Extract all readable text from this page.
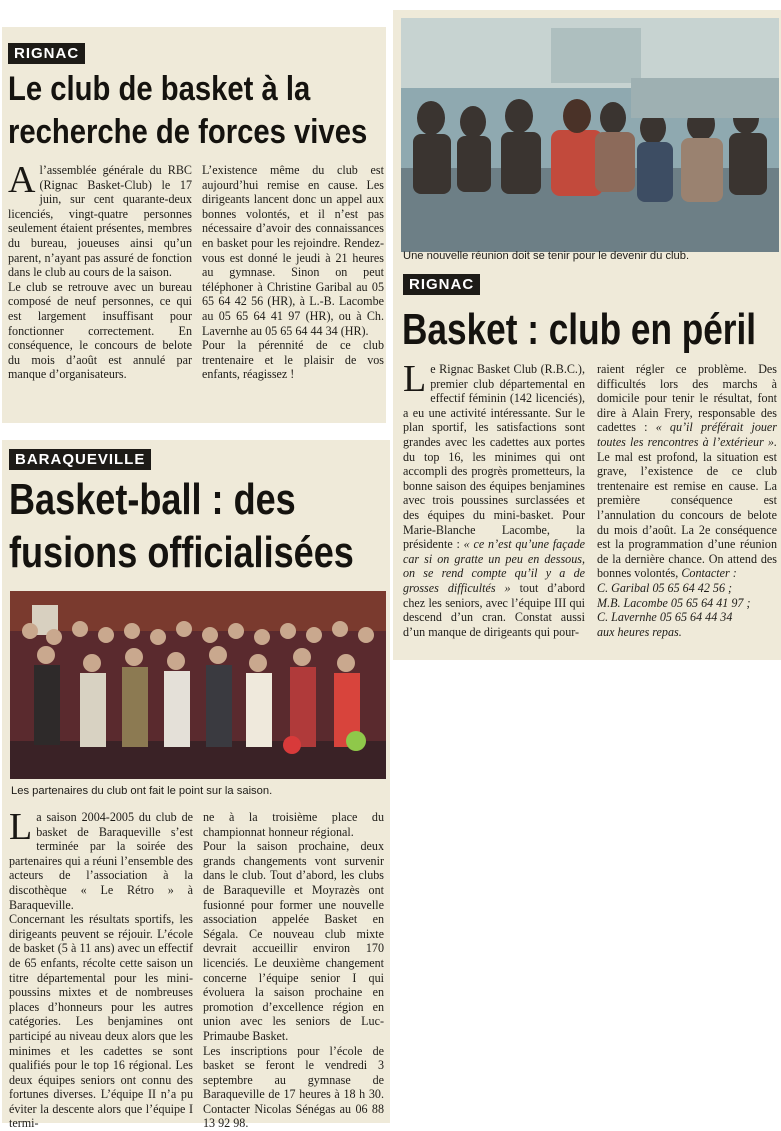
RIGNAC
Le club de basket à la
recherche de forces vives

Al’assemblée générale du RBC (Rignac Basket-Club) le 17 juin, sur cent quarante-deux licenciés, vingt-quatre personnes seulement étaient présentes, membres du bureau, joueuses ainsi qu’un parent, n’ayant pas assuré de fonction dans le club au cours de la saison.

Le club se retrouve avec un bureau composé de neuf personnes, ce qui est largement insuffisant pour fonctionner correctement. En conséquence, le concours de belote du mois d’août est annulé par manque d’organisateurs.

L’existence même du club est aujourd’hui remise en cause. Les dirigeants lancent donc un appel aux bonnes volontés, et il n’est pas nécessaire d’avoir des connaissances en basket pour les rejoindre. Rendez-vous est donné le jeudi à 21 heures au gymnase. Sinon on peut téléphoner à Christine Garibal au 05 65 64 42 56 (HR), à L.-B. Lacombe au 05 65 64 41 97 (HR), ou à Ch. Lavernhe au 05 65 64 44 34 (HR).

Pour la pérennité de ce club trentenaire et le plaisir de vos enfants, réagissez !

Une nouvelle réunion doit se tenir pour le devenir du club.
RIGNAC
Basket : club en péril
Le Rignac Basket Club (R.B.C.), premier club départemental en effectif féminin (142 licenciés), a eu une activité intéressante. Sur le plan sportif, les satisfactions sont grandes avec les cadettes aux portes du top 16, les minimes qui ont accompli des progrès prometteurs, la bonne saison des équipes benjamines avec trois poussines surclassées et des équipes du mini-basket. Pour Marie-Blanche Lacombe, la présidente : « ce n’est qu’une façade car si on gratte un peu en dessous, on se rend compte qu’il y a de grosses difficultés » tout d’abord chez les seniors, avec l’équipe III qui descend d’un cran. Constat aussi d’un manque de dirigeants qui pour-
raient régler ce problème. Des difficultés lors des marchs à domicile pour tenir le résultat, font dire à Alain Frery, responsable des cadettes : « qu’il préférait jouer toutes les rencontres à l’extérieur ». Le mal est profond, la situation est grave, l’existence de ce club trentenaire est remise en cause. La première conséquence est l’annulation du concours de belote du mois d’août. La 2e conséquence est la programmation d’une réunion de la dernière chance. On attend des bonnes volontés, Contacter :
C. Garibal 05 65 64 42 56 ;
M.B. Lacombe 05 65 64 41 97 ;
C. Lavernhe 05 65 64 44 34
aux heures repas.
BARAQUEVILLE
Basket-ball : des
fusions officialisées
Les partenaires du club ont fait le point sur la saison.

La saison 2004-2005 du club de basket de Baraqueville s’est terminée par la soirée des partenaires qui a réuni l’ensemble des acteurs de l’association à la discothèque « Le Rétro » à Baraqueville.

Concernant les résultats sportifs, les dirigeants peuvent se réjouir. L’école de basket (5 à 11 ans) avec un effectif de 65 enfants, récolte cette saison un titre départemental pour les mini-poussins mixtes et de nombreuses places d’honneurs pour les autres catégories. Les benjamines ont participé au niveau deux alors que les minimes et les cadettes se sont qualifiés pour le top 16 régional. Les deux équipes seniors ont connu des fortunes diverses. L’équipe II n’a pu éviter la descente alors que l’équipe I termi-

ne à la troisième place du championnat honneur régional.

Pour la saison prochaine, deux grands changements vont survenir dans le club. Tout d’abord, les clubs de Baraqueville et Moyrazès ont fusionné pour former une nouvelle association appelée Basket en Ségala. Ce nouveau club mixte devrait accueillir environ 170 licenciés. Le deuxième changement concerne l’équipe senior I qui évoluera la saison prochaine en promotion d’excellence région en union avec les seniors de Luc-Primaube Basket.

Les inscriptions pour l’école de basket se feront le vendredi 3 septembre au gymnase de Baraqueville de 17 heures à 18 h 30. Contacter Nicolas Sénégas au 06 88 13 92 98.
